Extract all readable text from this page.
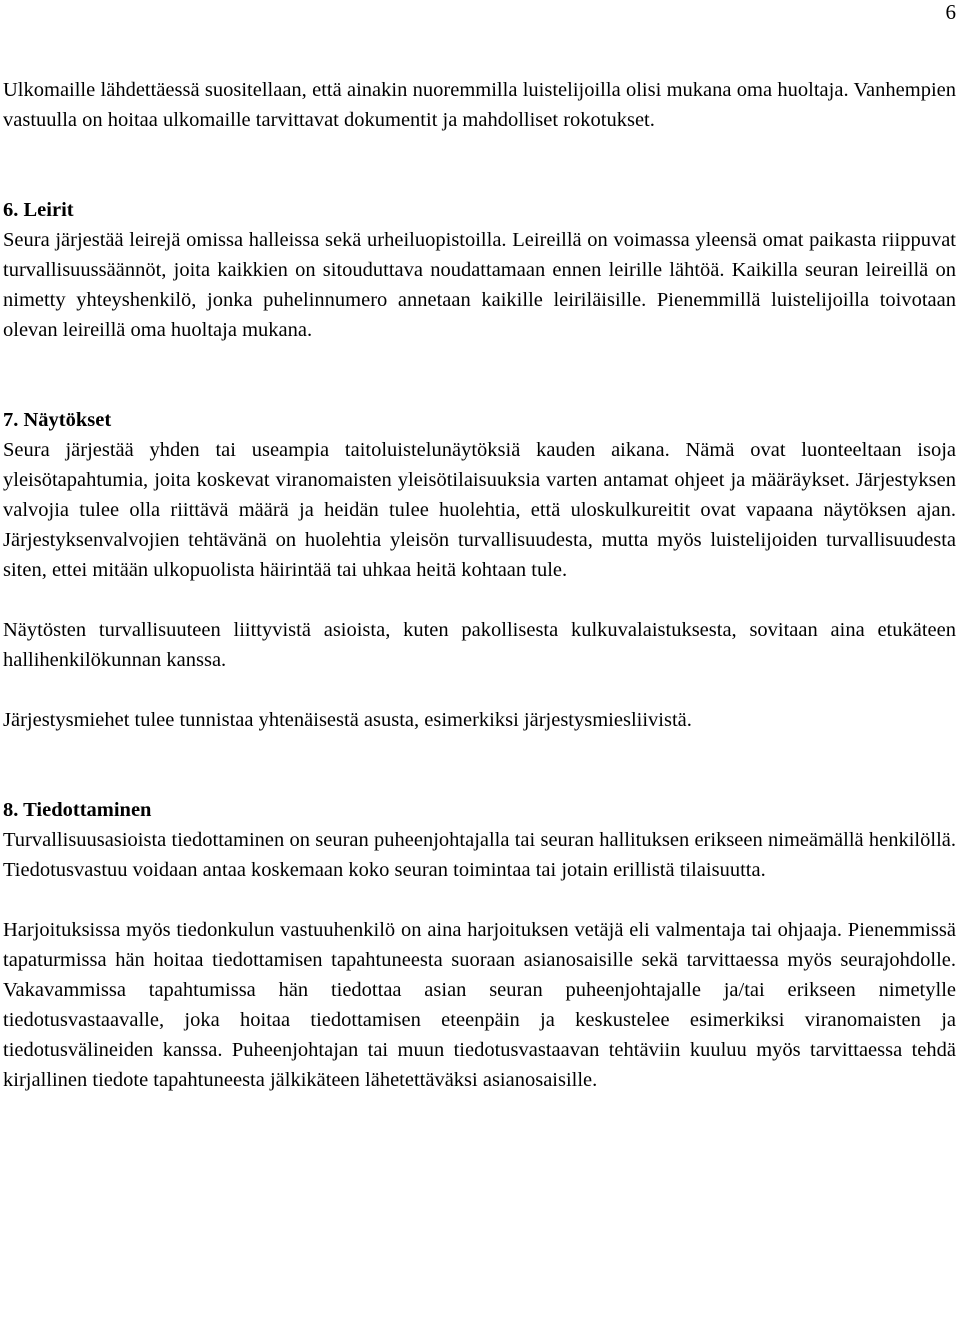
6

Ulkomaille lähdettäessä suositellaan, että ainakin nuoremmilla luistelijoilla olisi mukana oma huoltaja. Vanhempien vastuulla on hoitaa ulkomaille tarvittavat dokumentit ja mahdolliset rokotukset.

6. Leirit

Seura järjestää leirejä omissa halleissa sekä urheiluopistoilla. Leireillä on voimassa yleensä omat paikasta riippuvat turvallisuussäännöt, joita kaikkien on sitouduttava noudattamaan ennen leirille lähtöä. Kaikilla seuran leireillä on nimetty yhteyshenkilö, jonka puhelinnumero annetaan kaikille leiriläisille. Pienemmillä luistelijoilla toivotaan olevan leireillä oma huoltaja mukana.

7. Näytökset

Seura järjestää yhden tai useampia taitoluistelunäytöksiä kauden aikana. Nämä ovat luonteeltaan isoja yleisötapahtumia, joita koskevat viranomaisten yleisötilaisuuksia varten antamat ohjeet ja määräykset. Järjestyksen valvojia tulee olla riittävä määrä ja heidän tulee huolehtia, että uloskulkureitit ovat vapaana näytöksen ajan. Järjestyksenvalvojien tehtävänä on huolehtia yleisön turvallisuudesta, mutta myös luistelijoiden turvallisuudesta siten, ettei mitään ulkopuolista häirintää tai uhkaa heitä kohtaan tule.

Näytösten turvallisuuteen liittyvistä asioista, kuten pakollisesta kulkuvalaistuksesta, sovitaan aina etukäteen hallihenkilökunnan kanssa.

Järjestysmiehet tulee tunnistaa yhtenäisestä asusta, esimerkiksi järjestysmiesliivistä.

8. Tiedottaminen

Turvallisuusasioista tiedottaminen on seuran puheenjohtajalla tai seuran hallituksen erikseen nimeämällä henkilöllä. Tiedotusvastuu voidaan antaa koskemaan koko seuran toimintaa tai jotain erillistä tilaisuutta.

Harjoituksissa myös tiedonkulun vastuuhenkilö on aina harjoituksen vetäjä eli valmentaja tai ohjaaja. Pienemmissä tapaturmissa hän hoitaa tiedottamisen tapahtuneesta suoraan asianosaisille sekä tarvittaessa myös seurajohdolle. Vakavammissa tapahtumissa hän tiedottaa asian seuran puheenjohtajalle ja/tai erikseen nimetylle tiedotusvastaavalle, joka hoitaa tiedottamisen eteenpäin ja keskustelee esimerkiksi viranomaisten ja tiedotusvälineiden kanssa. Puheenjohtajan tai muun tiedotusvastaavan tehtäviin kuuluu myös tarvittaessa tehdä kirjallinen tiedote tapahtuneesta jälkikäteen lähetettäväksi asianosaisille.
